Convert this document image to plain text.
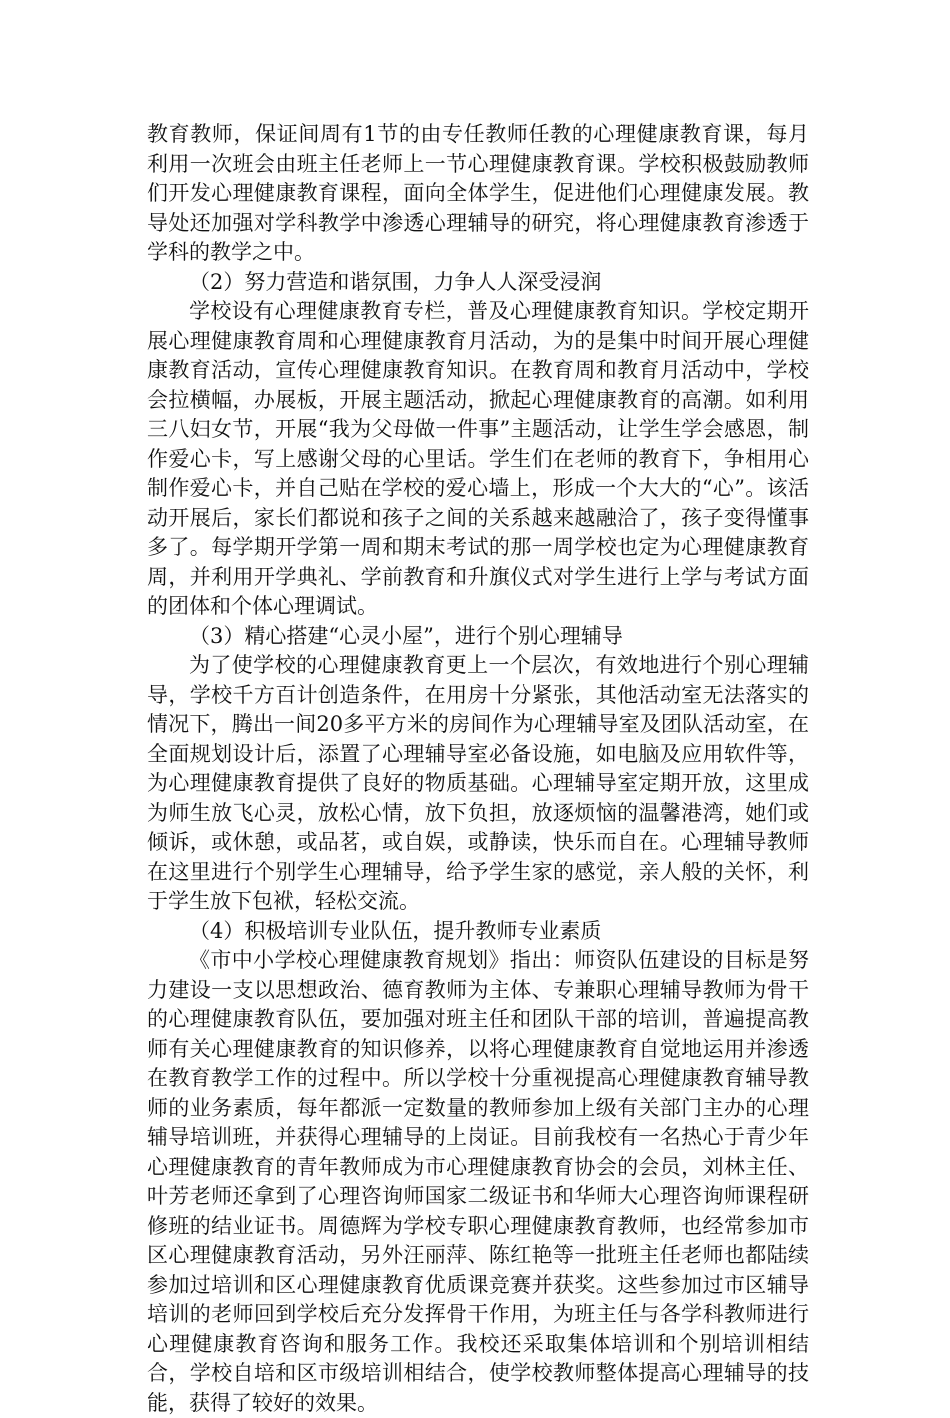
教育教师，保证间周有1节的由专任教师任教的心理健康教育课，每月利用一次班会由班主任老师上一节心理健康教育课。学校积极鼓励教师们开发心理健康教育课程，面向全体学生，促进他们心理健康发展。教导处还加强对学科教学中渗透心理辅导的研究，将心理健康教育渗透于学科的教学之中。

（2）努力营造和谐氛围，力争人人深受浸润

学校设有心理健康教育专栏，普及心理健康教育知识。学校定期开展心理健康教育周和心理健康教育月活动，为的是集中时间开展心理健康教育活动，宣传心理健康教育知识。在教育周和教育月活动中，学校会拉横幅，办展板，开展主题活动，掀起心理健康教育的高潮。如利用三八妇女节，开展“我为父母做一件事”主题活动，让学生学会感恩，制作爱心卡，写上感谢父母的心里话。学生们在老师的教育下，争相用心制作爱心卡，并自己贴在学校的爱心墙上，形成一个大大的“心”。该活动开展后，家长们都说和孩子之间的关系越来越融洽了，孩子变得懂事多了。每学期开学第一周和期末考试的那一周学校也定为心理健康教育周，并利用开学典礼、学前教育和升旗仪式对学生进行上学与考试方面的团体和个体心理调试。

（3）精心搭建“心灵小屋”，进行个别心理辅导

为了使学校的心理健康教育更上一个层次，有效地进行个别心理辅导，学校千方百计创造条件，在用房十分紧张，其他活动室无法落实的情况下，腾出一间20多平方米的房间作为心理辅导室及团队活动室，在全面规划设计后，添置了心理辅导室必备设施，如电脑及应用软件等，为心理健康教育提供了良好的物质基础。心理辅导室定期开放，这里成为师生放飞心灵，放松心情，放下负担，放逐烦恼的温馨港湾，她们或倾诉，或休憩，或品茗，或自娱，或静读，快乐而自在。心理辅导教师在这里进行个别学生心理辅导，给予学生家的感觉，亲人般的关怀，利于学生放下包袱，轻松交流。

（4）积极培训专业队伍，提升教师专业素质

《市中小学校心理健康教育规划》指出：师资队伍建设的目标是努力建设一支以思想政治、德育教师为主体、专兼职心理辅导教师为骨干的心理健康教育队伍，要加强对班主任和团队干部的培训，普遍提高教师有关心理健康教育的知识修养，以将心理健康教育自觉地运用并渗透在教育教学工作的过程中。所以学校十分重视提高心理健康教育辅导教师的业务素质，每年都派一定数量的教师参加上级有关部门主办的心理辅导培训班，并获得心理辅导的上岗证。目前我校有一名热心于青少年心理健康教育的青年教师成为市心理健康教育协会的会员，刘林主任、叶芳老师还拿到了心理咨询师国家二级证书和华师大心理咨询师课程研修班的结业证书。周德辉为学校专职心理健康教育教师，也经常参加市区心理健康教育活动，另外汪丽萍、陈红艳等一批班主任老师也都陆续参加过培训和区心理健康教育优质课竞赛并获奖。这些参加过市区辅导培训的老师回到学校后充分发挥骨干作用，为班主任与各学科教师进行心理健康教育咨询和服务工作。我校还采取集体培训和个别培训相结合，学校自培和区市级培训相结合，使学校教师整体提高心理辅导的技能，获得了较好的效果。
